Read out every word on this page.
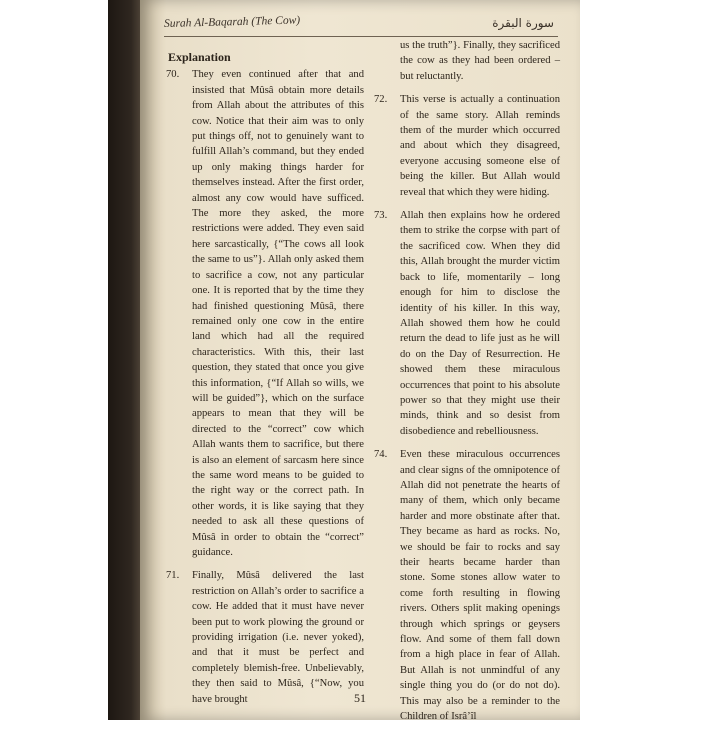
Surah Al-Baqarah (The Cow)	سورة البقرة
Explanation
70.	They even continued after that and insisted that Mûsâ obtain more details from Allah about the attributes of this cow. Notice that their aim was to only put things off, not to genuinely want to fulfill Allah’s command, but they ended up only making things harder for themselves instead. After the first order, almost any cow would have sufficed. The more they asked, the more restrictions were added. They even said here sarcastically, {“The cows all look the same to us”}. Allah only asked them to sacrifice a cow, not any particular one. It is reported that by the time they had finished questioning Mûsâ, there remained only one cow in the entire land which had all the required characteristics. With this, their last question, they stated that once you give this information, {“If Allah so wills, we will be guided”}, which on the surface appears to mean that they will be directed to the “correct” cow which Allah wants them to sacrifice, but there is also an element of sarcasm here since the same word means to be guided to the right way or the correct path. In other words, it is like saying that they needed to ask all these questions of Mûsâ in order to obtain the “correct” guidance.
71.	Finally, Mûsâ delivered the last restriction on Allah’s order to sacrifice a cow. He added that it must have never been put to work plowing the ground or providing irrigation (i.e. never yoked), and that it must be perfect and completely blemish-free. Unbelievably, they then said to Mûsâ, {“Now, you have brought
us the truth”}. Finally, they sacrificed the cow as they had been ordered – but reluctantly.
72.	This verse is actually a continuation of the same story. Allah reminds them of the murder which occurred and about which they disagreed, everyone accusing someone else of being the killer. But Allah would reveal that which they were hiding.
73.	Allah then explains how he ordered them to strike the corpse with part of the sacrificed cow. When they did this, Allah brought the murder victim back to life, momentarily – long enough for him to disclose the identity of his killer. In this way, Allah showed them how he could return the dead to life just as he will do on the Day of Resurrection. He showed them these miraculous occurrences that point to his absolute power so that they might use their minds, think and so desist from disobedience and rebelliousness.
74.	Even these miraculous occurrences and clear signs of the omnipotence of Allah did not penetrate the hearts of many of them, which only became harder and more obstinate after that. They became as hard as rocks. No, we should be fair to rocks and say their hearts became harder than stone. Some stones allow water to come forth resulting in flowing rivers. Others split making openings through which springs or geysers flow. And some of them fall down from a high place in fear of Allah. But Allah is not unmindful of any single thing you do (or do not do). This may also be a reminder to the Children of Isrâ’îl
51
